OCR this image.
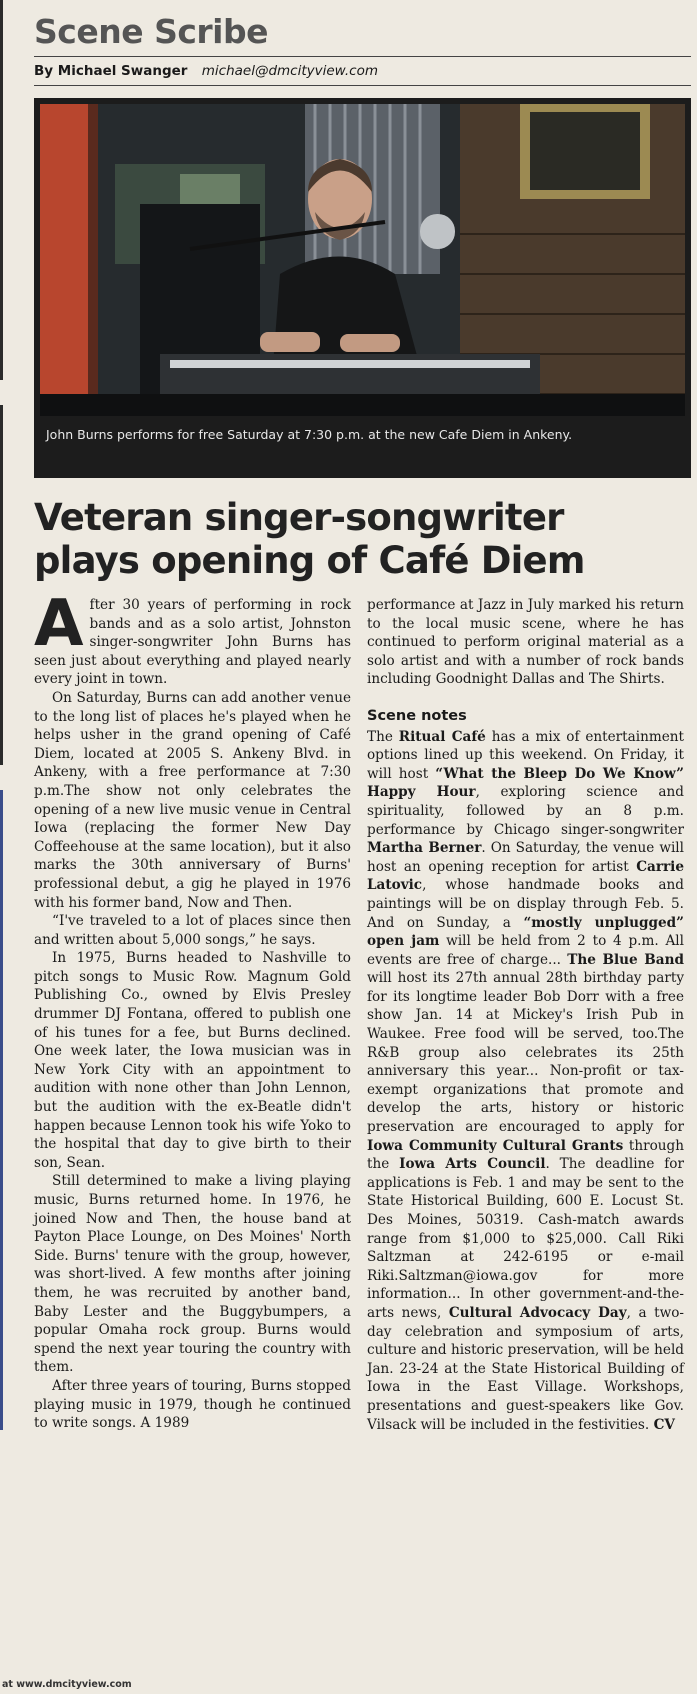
Scene Scribe
By Michael Swanger michael@dmcityview.com
John Burns performs for free Saturday at 7:30 p.m. at the new Cafe Diem in Ankeny.
Veteran singer-songwriter
plays opening of Café Diem

After 30 years of performing in rock bands and as a solo artist, Johnston singer-songwriter John Burns has seen just about everything and played nearly every joint in town.

On Saturday, Burns can add another venue to the long list of places he's played when he helps usher in the grand opening of Café Diem, located at 2005 S. Ankeny Blvd. in Ankeny, with a free performance at 7:30 p.m.The show not only celebrates the opening of a new live music venue in Central Iowa (replacing the former New Day Coffeehouse at the same location), but it also marks the 30th anniversary of Burns' professional debut, a gig he played in 1976 with his former band, Now and Then.

“I've traveled to a lot of places since then and written about 5,000 songs,” he says.

In 1975, Burns headed to Nashville to pitch songs to Music Row. Magnum Gold Publishing Co., owned by Elvis Presley drummer DJ Fontana, offered to publish one of his tunes for a fee, but Burns declined. One week later, the Iowa musician was in New York City with an appointment to audition with none other than John Lennon, but the audition with the ex-Beatle didn't happen because Lennon took his wife Yoko to the hospital that day to give birth to their son, Sean.

Still determined to make a living playing music, Burns returned home. In 1976, he joined Now and Then, the house band at Payton Place Lounge, on Des Moines' North Side. Burns' tenure with the group, however, was short-lived. A few months after joining them, he was recruited by another band, Baby Lester and the Buggybumpers, a popular Omaha rock group. Burns would spend the next year touring the country with them.

After three years of touring, Burns stopped playing music in 1979, though he continued to write songs. A 1989

performance at Jazz in July marked his return to the local music scene, where he has continued to perform original material as a solo artist and with a number of rock bands including Goodnight Dallas and The Shirts.

Scene notes

The Ritual Café has a mix of entertainment options lined up this weekend. On Friday, it will host “What the Bleep Do We Know” Happy Hour, exploring science and spirituality, followed by an 8 p.m. performance by Chicago singer-songwriter Martha Berner. On Saturday, the venue will host an opening reception for artist Carrie Latovic, whose handmade books and paintings will be on display through Feb. 5. And on Sunday, a “mostly unplugged” open jam will be held from 2 to 4 p.m. All events are free of charge... The Blue Band will host its 27th annual 28th birthday party for its longtime leader Bob Dorr with a free show Jan. 14 at Mickey's Irish Pub in Waukee. Free food will be served, too.The R&B group also celebrates its 25th anniversary this year... Non-profit or tax-exempt organizations that promote and develop the arts, history or historic preservation are encouraged to apply for Iowa Community Cultural Grants through the Iowa Arts Council. The deadline for applications is Feb. 1 and may be sent to the State Historical Building, 600 E. Locust St. Des Moines, 50319. Cash-match awards range from $1,000 to $25,000. Call Riki Saltzman at 242-6195 or e-mail Riki.Saltzman@iowa.gov for more information... In other government-and-the-arts news, Cultural Advocacy Day, a two-day celebration and symposium of arts, culture and historic preservation, will be held Jan. 23-24 at the State Historical Building of Iowa in the East Village. Workshops, presentations and guest-speakers like Gov. Vilsack will be included in the festivities. CV

at www.dmcityview.com
